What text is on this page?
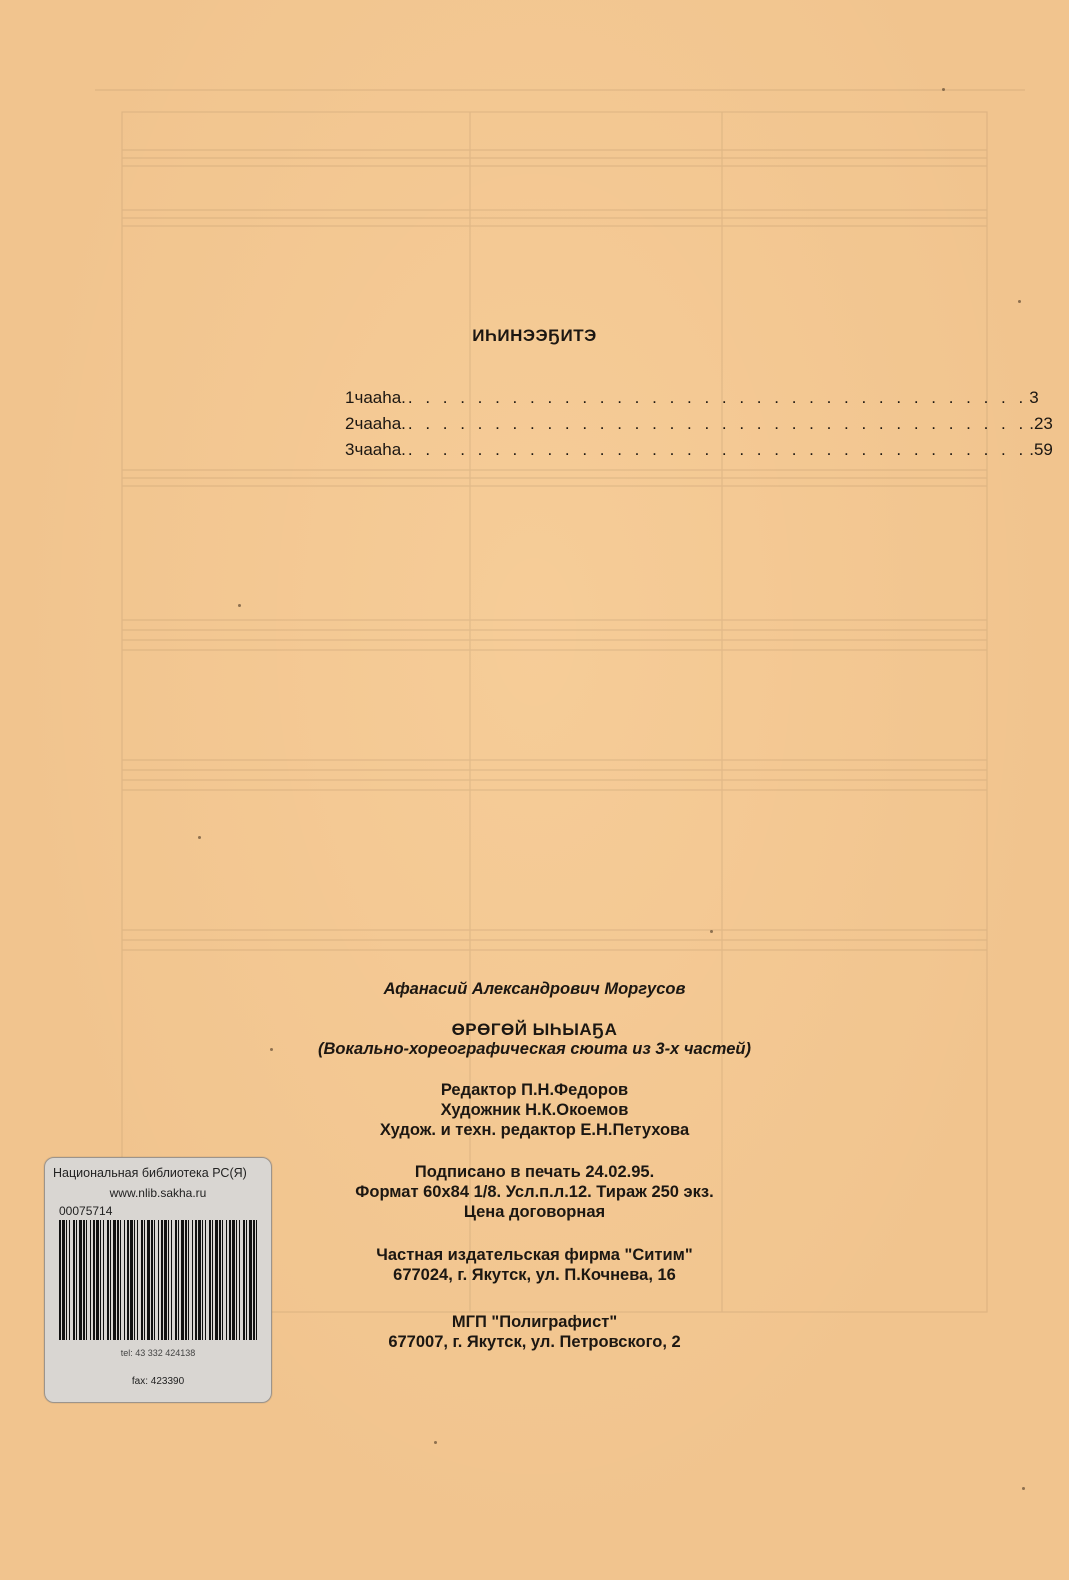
ИҺИНЭЭҔИТЭ
1 чааһа. . . . . . . . . . . . . . . . . . . . . . . . . . . . . . . . . . . . . 3
2 чааһа. . . . . . . . . . . . . . . . . . . . . . . . . . . . . . . . . . . . . .23
3 чааһа. . . . . . . . . . . . . . . . . . . . . . . . . . . . . . . . . . . . . .59
Афанасий Александрович Моргусов
ӨРӨГӨЙ ЫҺЫАҔА
(Вокально-хореографическая сюита из 3-х частей)
Редактор П.Н.Федоров
Художник Н.К.Окоемов
Худож. и техн. редактор Е.Н.Петухова
Подписано в печать 24.02.95.
Формат 60x84 1/8. Усл.п.л.12. Тираж 250 экз.
Цена договорная
Частная издательская фирма "Ситим"
677024, г. Якутск, ул. П.Кочнева, 16
МГП "Полиграфист"
677007, г. Якутск, ул. Петровского, 2
Национальная библиотека РС(Я)
www.nlib.sakha.ru
00075714
tel: 43 332 424138
fax: 423390
